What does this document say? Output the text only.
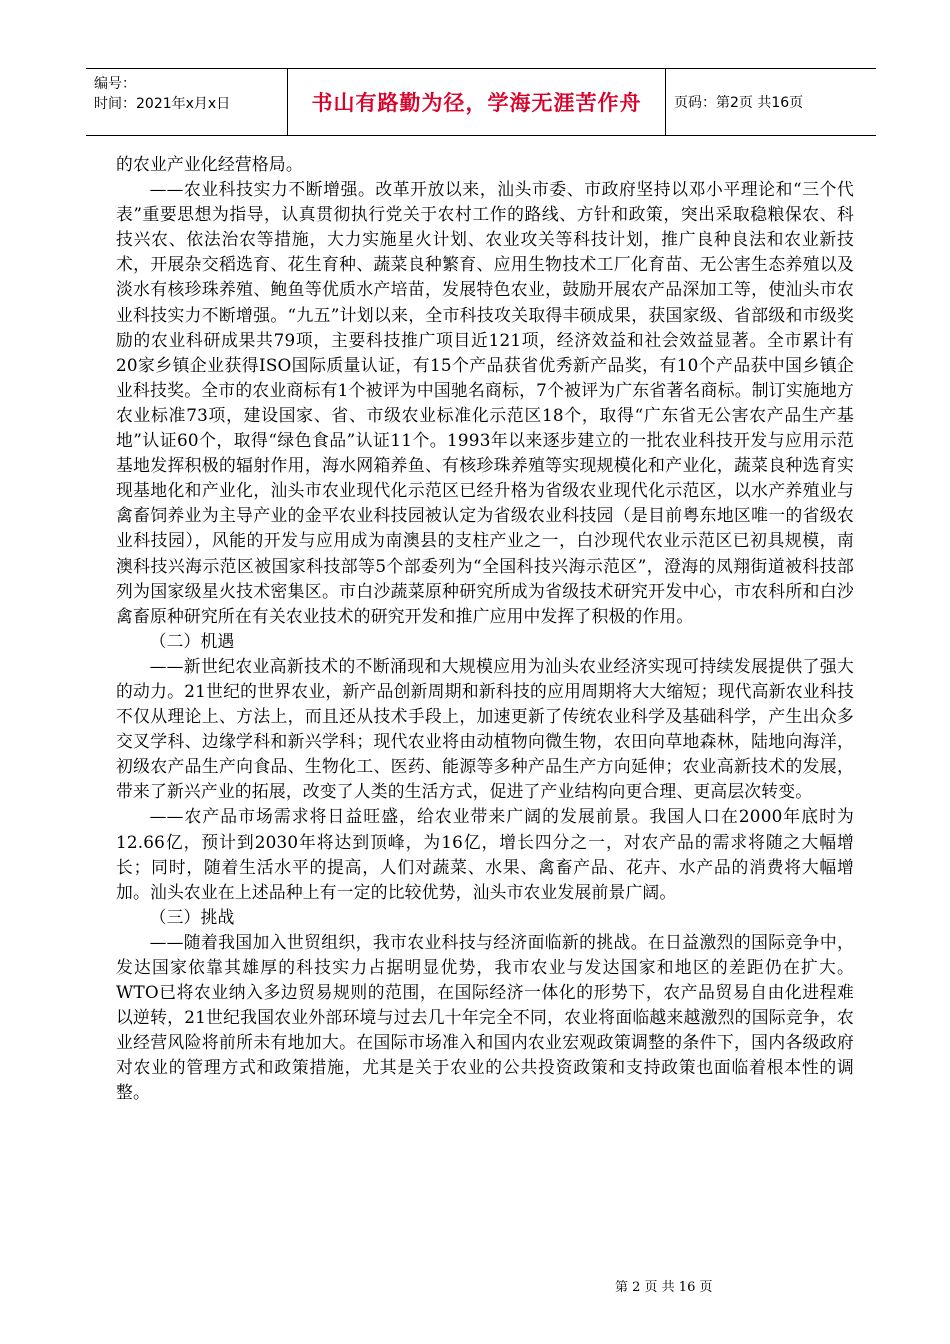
编号：
时间：2021年x月x日	书山有路勤为径，学海无涯苦作舟	页码：第2页 共16页

的农业产业化经营格局。

——农业科技实力不断增强。改革开放以来，汕头市委、市政府坚持以邓小平理论和“三个代表”重要思想为指导，认真贯彻执行党关于农村工作的路线、方针和政策，突出采取稳粮保农、科技兴农、依法治农等措施，大力实施星火计划、农业攻关等科技计划，推广良种良法和农业新技术，开展杂交稻选育、花生育种、蔬菜良种繁育、应用生物技术工厂化育苗、无公害生态养殖以及淡水有核珍珠养殖、鲍鱼等优质水产培苗，发展特色农业，鼓励开展农产品深加工等，使汕头市农业科技实力不断增强。“九五”计划以来，全市科技攻关取得丰硕成果，获国家级、省部级和市级奖励的农业科研成果共79项，主要科技推广项目近121项，经济效益和社会效益显著。全市累计有20家乡镇企业获得ISO国际质量认证，有15个产品获省优秀新产品奖，有10个产品获中国乡镇企业科技奖。全市的农业商标有1个被评为中国驰名商标，7个被评为广东省著名商标。制订实施地方农业标准73项，建设国家、省、市级农业标准化示范区18个，取得“广东省无公害农产品生产基地”认证60个，取得“绿色食品”认证11个。1993年以来逐步建立的一批农业科技开发与应用示范基地发挥积极的辐射作用，海水网箱养鱼、有核珍珠养殖等实现规模化和产业化，蔬菜良种选育实现基地化和产业化，汕头市农业现代化示范区已经升格为省级农业现代化示范区，以水产养殖业与禽畜饲养业为主导产业的金平农业科技园被认定为省级农业科技园（是目前粤东地区唯一的省级农业科技园），风能的开发与应用成为南澳县的支柱产业之一，白沙现代农业示范区已初具规模，南澳科技兴海示范区被国家科技部等5个部委列为“全国科技兴海示范区”，澄海的凤翔街道被科技部列为国家级星火技术密集区。市白沙蔬菜原种研究所成为省级技术研究开发中心，市农科所和白沙禽畜原种研究所在有关农业技术的研究开发和推广应用中发挥了积极的作用。

（二）机遇

——新世纪农业高新技术的不断涌现和大规模应用为汕头农业经济实现可持续发展提供了强大的动力。21世纪的世界农业，新产品创新周期和新科技的应用周期将大大缩短；现代高新农业科技不仅从理论上、方法上，而且还从技术手段上，加速更新了传统农业科学及基础科学，产生出众多交叉学科、边缘学科和新兴学科；现代农业将由动植物向微生物，农田向草地森林，陆地向海洋，初级农产品生产向食品、生物化工、医药、能源等多种产品生产方向延伸；农业高新技术的发展，带来了新兴产业的拓展，改变了人类的生活方式，促进了产业结构向更合理、更高层次转变。

——农产品市场需求将日益旺盛，给农业带来广阔的发展前景。我国人口在2000年底时为12.66亿，预计到2030年将达到顶峰，为16亿，增长四分之一，对农产品的需求将随之大幅增长；同时，随着生活水平的提高，人们对蔬菜、水果、禽畜产品、花卉、水产品的消费将大幅增加。汕头农业在上述品种上有一定的比较优势，汕头市农业发展前景广阔。

（三）挑战

——随着我国加入世贸组织，我市农业科技与经济面临新的挑战。在日益激烈的国际竞争中，发达国家依靠其雄厚的科技实力占据明显优势，我市农业与发达国家和地区的差距仍在扩大。WTO已将农业纳入多边贸易规则的范围，在国际经济一体化的形势下，农产品贸易自由化进程难以逆转，21世纪我国农业外部环境与过去几十年完全不同，农业将面临越来越激烈的国际竞争，农业经营风险将前所未有地加大。在国际市场准入和国内农业宏观政策调整的条件下，国内各级政府对农业的管理方式和政策措施，尤其是关于农业的公共投资政策和支持政策也面临着根本性的调整。

第 2 页 共 16 页
